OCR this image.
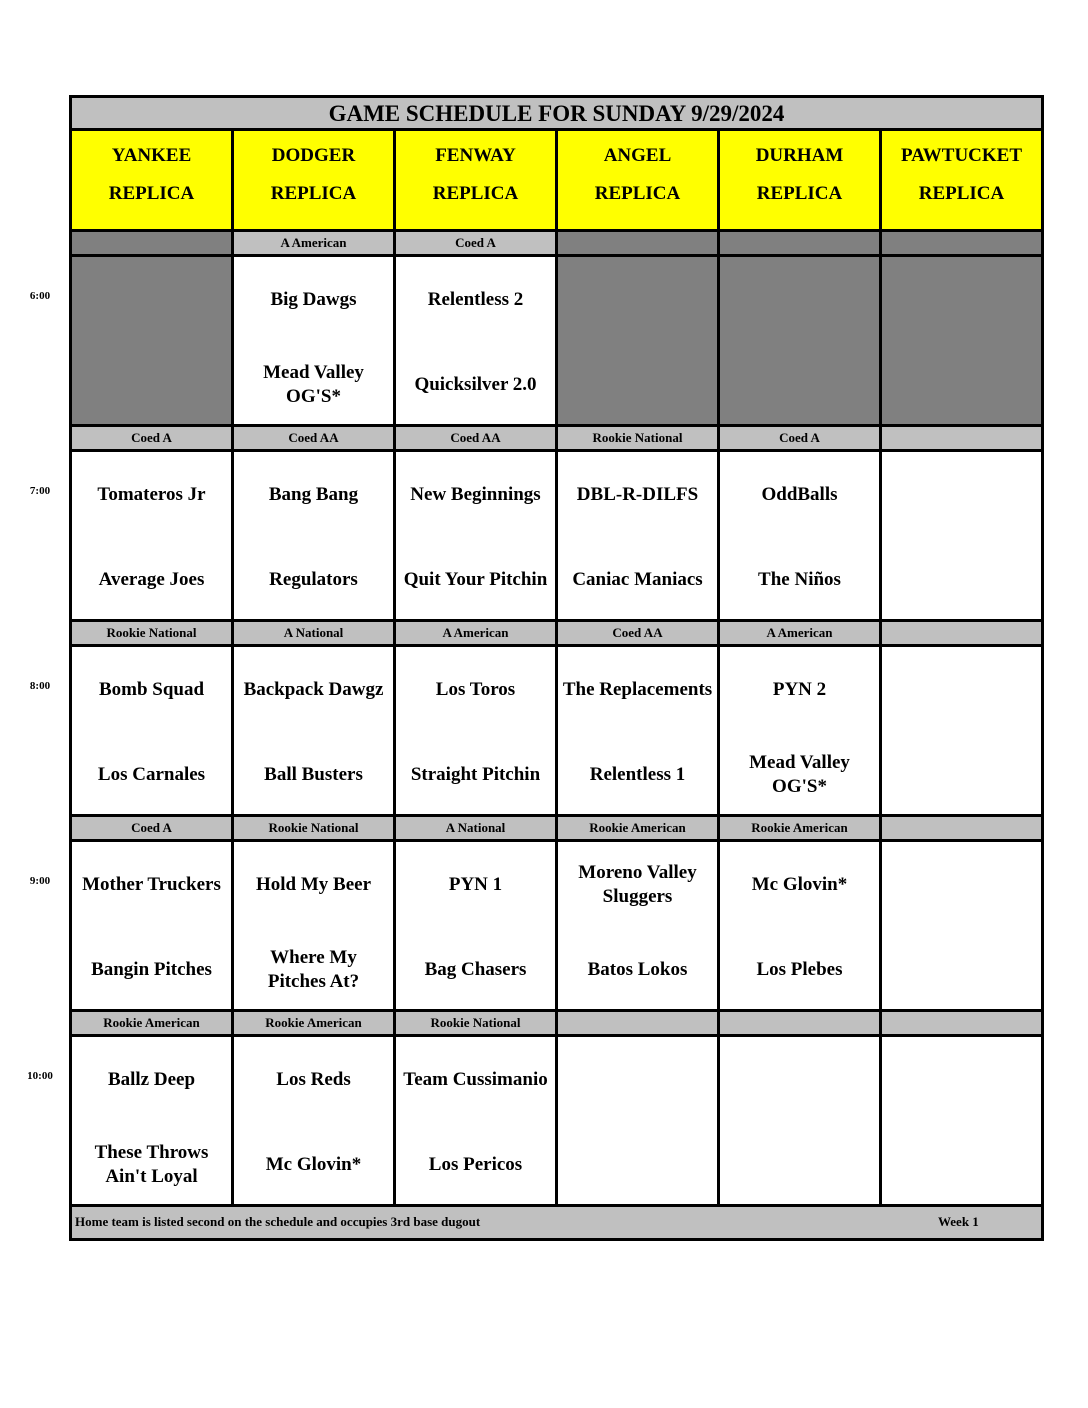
GAME SCHEDULE FOR SUNDAY 9/29/2024
Home team is listed second on the schedule and occupies 3rd base dugout	Week 1
YANKEE
REPLICA
DODGER
REPLICA
FENWAY
REPLICA
ANGEL
REPLICA
DURHAM
REPLICA
PAWTUCKET
REPLICA
A American
Big Dawgs
Mead Valley
OG'S*
Coed A
Relentless 2
Quicksilver 2.0
Coed A
Tomateros Jr
Average Joes
Coed AA
Bang Bang
Regulators
Coed AA
New Beginnings
Quit Your Pitchin
Rookie National
DBL-R-DILFS
Caniac Maniacs
Coed A
OddBalls
The Niños
Rookie National
Bomb Squad
Los Carnales
A National
Backpack Dawgz
Ball Busters
A American
Los Toros
Straight Pitchin
Coed AA
The Replacements
Relentless 1
A American
PYN 2
Mead Valley
OG'S*
Coed A
Mother Truckers
Bangin Pitches
Rookie National
Hold My Beer
Where My
Pitches At?
A National
PYN 1
Bag Chasers
Rookie American
Moreno Valley
Sluggers
Batos Lokos
Rookie American
Mc Glovin*
Los Plebes
Rookie American
Ballz Deep
These Throws
Ain't Loyal
Rookie American
Los Reds
Mc Glovin*
Rookie National
Team Cussimanio
Los Pericos
6:00
7:00
8:00
9:00
10:00
